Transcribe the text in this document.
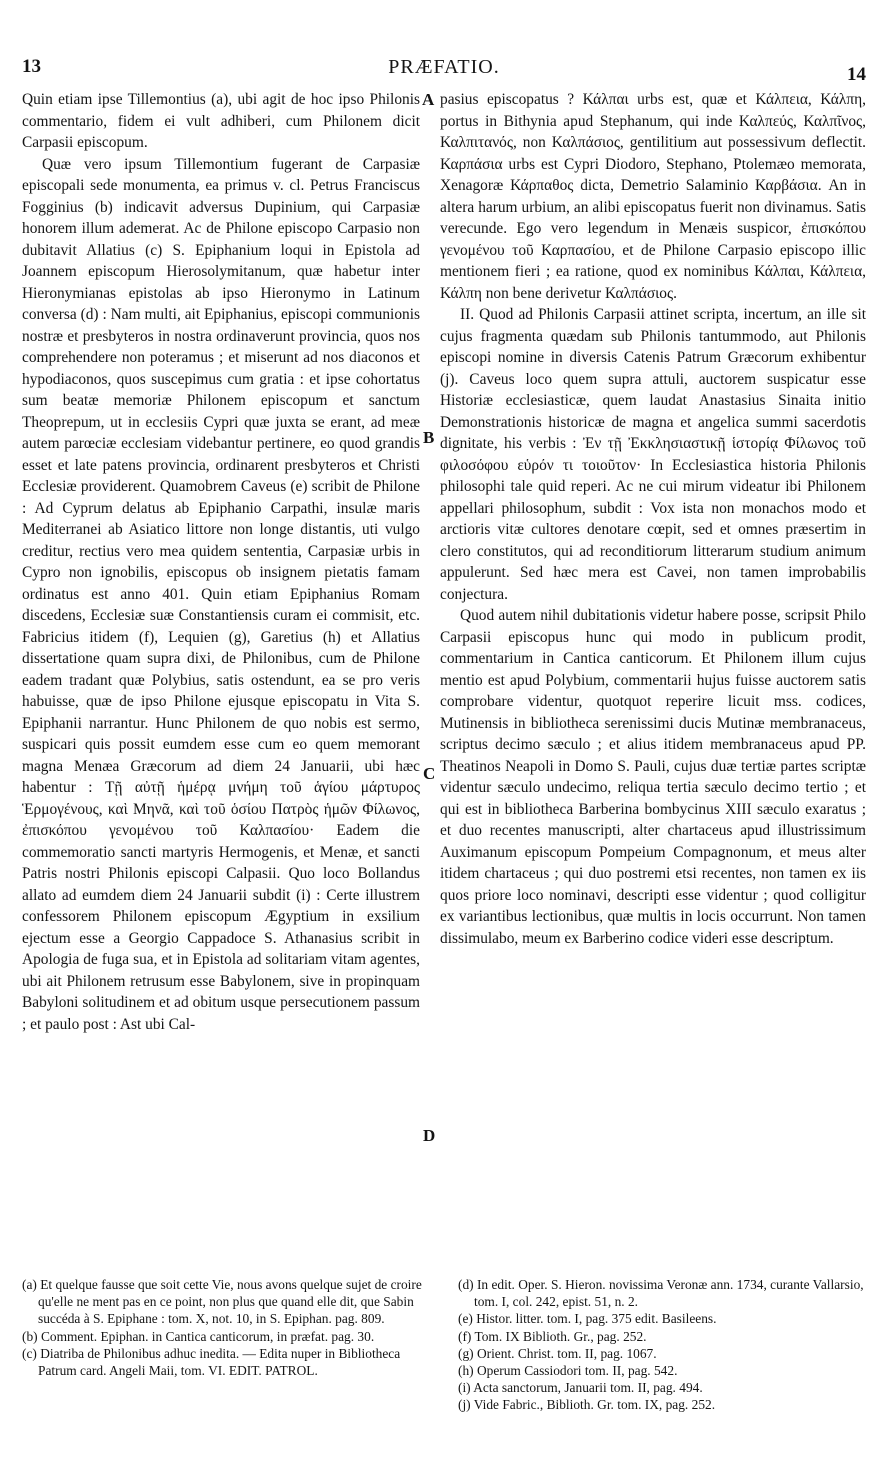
13	PRÆFATIO.	14

Quin etiam ipse Tillemontius (a), ubi agit de hoc ipso Philonis commentario, fidem ei vult adhiberi, cum Philonem dicit Carpasii episcopum.

Quæ vero ipsum Tillemontium fugerant de Carpasiæ episcopali sede monumenta, ea primus v. cl. Petrus Franciscus Fogginius (b) indicavit adversus Dupinium, qui Carpasiæ honorem illum ademerat. Ac de Philone episcopo Carpasio non dubitavit Allatius (c) S. Epiphanium loqui in Epistola ad Joannem episcopum Hierosolymitanum, quæ habetur inter Hieronymianas epistolas ab ipso Hieronymo in Latinum conversa (d) : Nam multi, ait Epiphanius, episcopi communionis nostræ et presbyteros in nostra ordinaverunt provincia, quos nos comprehendere non poteramus ; et miserunt ad nos diaconos et hypodiaconos, quos suscepimus cum gratia : et ipse cohortatus sum beatæ memoriæ Philonem episcopum et sanctum Theoprepum, ut in ecclesiis Cypri quæ juxta se erant, ad meæ autem parœciæ ecclesiam videbantur pertinere, eo quod grandis esset et late patens provincia, ordinarent presbyteros et Christi Ecclesiæ providerent. Quamobrem Caveus (e) scribit de Philone : Ad Cyprum delatus ab Epiphanio Carpathi, insulæ maris Mediterranei ab Asiatico littore non longe distantis, uti vulgo creditur, rectius vero mea quidem sententia, Carpasiæ urbis in Cypro non ignobilis, episcopus ob insignem pietatis famam ordinatus est anno 401. Quin etiam Epiphanius Romam discedens, Ecclesiæ suæ Constantiensis curam ei commisit, etc. Fabricius itidem (f), Lequien (g), Garetius (h) et Allatius dissertatione quam supra dixi, de Philonibus, cum de Philone eadem tradant quæ Polybius, satis ostendunt, ea se pro veris habuisse, quæ de ipso Philone ejusque episcopatu in Vita S. Epiphanii narrantur. Hunc Philonem de quo nobis est sermo, suspicari quis possit eumdem esse cum eo quem memorant magna Menæa Græcorum ad diem 24 Januarii, ubi hæc habentur : Τῇ αὐτῇ ἡμέρᾳ μνήμη τοῦ ἁγίου μάρτυρος Ἑρμογένους, καὶ Μηνᾶ, καὶ τοῦ ὁσίου Πατρὸς ἡμῶν Φίλωνος, ἐπισκόπου γενομένου τοῦ Καλπασίου· Eadem die commemoratio sancti martyris Hermogenis, et Menæ, et sancti Patris nostri Philonis episcopi Calpasii. Quo loco Bollandus allato ad eumdem diem 24 Januarii subdit (i) : Certe illustrem confessorem Philonem episcopum Ægyptium in exsilium ejectum esse a Georgio Cappadoce S. Athanasius scribit in Apologia de fuga sua, et in Epistola ad solitariam vitam agentes, ubi ait Philonem retrusum esse Babylonem, sive in propinquam Babyloni solitudinem et ad obitum usque persecutionem passum ; et paulo post : Ast ubi Cal-

A
B
C
D

pasius episcopatus ? Κάλπαι urbs est, quæ et Κάλπεια, Κάλπη, portus in Bithynia apud Stephanum, qui inde Καλπεύς, Καλπῖνος, Καλπιτανός, non Καλπάσιος, gentilitium aut possessivum deflectit. Καρπάσια urbs est Cypri Diodoro, Stephano, Ptolemæo memorata, Xenagoræ Κάρπαθος dicta, Demetrio Salaminio Καρβάσια. An in altera harum urbium, an alibi episcopatus fuerit non divinamus. Satis verecunde. Ego vero legendum in Menæis suspicor, ἐπισκόπου γενομένου τοῦ Καρπασίου, et de Philone Carpasio episcopo illic mentionem fieri ; ea ratione, quod ex nominibus Κάλπαι, Κάλπεια, Κάλπη non bene derivetur Καλπάσιος.

II. Quod ad Philonis Carpasii attinet scripta, incertum, an ille sit cujus fragmenta quædam sub Philonis tantummodo, aut Philonis episcopi nomine in diversis Catenis Patrum Græcorum exhibentur (j). Caveus loco quem supra attuli, auctorem suspicatur esse Historiæ ecclesiasticæ, quem laudat Anastasius Sinaita initio Demonstrationis historicæ de magna et angelica summi sacerdotis dignitate, his verbis : Ἐν τῇ Ἐκκλησιαστικῇ ἱστορίᾳ Φίλωνος τοῦ φιλοσόφου εὑρόν τι τοιοῦτον· In Ecclesiastica historia Philonis philosophi tale quid reperi. Ac ne cui mirum videatur ibi Philonem appellari philosophum, subdit : Vox ista non monachos modo et arctioris vitæ cultores denotare cœpit, sed et omnes præsertim in clero constitutos, qui ad reconditiorum litterarum studium animum appulerunt. Sed hæc mera est Cavei, non tamen improbabilis conjectura.

Quod autem nihil dubitationis videtur habere posse, scripsit Philo Carpasii episcopus hunc qui modo in publicum prodit, commentarium in Cantica canticorum. Et Philonem illum cujus mentio est apud Polybium, commentarii hujus fuisse auctorem satis comprobare videntur, quotquot reperire licuit mss. codices, Mutinensis in bibliotheca serenissimi ducis Mutinæ membranaceus, scriptus decimo sæculo ; et alius itidem membranaceus apud PP. Theatinos Neapoli in Domo S. Pauli, cujus duæ tertiæ partes scriptæ videntur sæculo undecimo, reliqua tertia sæculo decimo tertio ; et qui est in bibliotheca Barberina bombycinus XIII sæculo exaratus ; et duo recentes manuscripti, alter chartaceus apud illustrissimum Auximanum episcopum Pompeium Compagnonum, et meus alter itidem chartaceus ; qui duo postremi etsi recentes, non tamen ex iis quos priore loco nominavi, descripti esse videntur ; quod colligitur ex variantibus lectionibus, quæ multis in locis occurrunt. Non tamen dissimulabo, meum ex Barberino codice videri esse descriptum.

(a) Et quelque fausse que soit cette Vie, nous avons quelque sujet de croire qu'elle ne ment pas en ce point, non plus que quand elle dit, que Sabin succéda à S. Epiphane : tom. X, not. 10, in S. Epiphan. pag. 809.

(b) Comment. Epiphan. in Cantica canticorum, in præfat. pag. 30.

(c) Diatriba de Philonibus adhuc inedita. — Edita nuper in Bibliotheca Patrum card. Angeli Maii, tom. VI. EDIT. PATROL.

(d) In edit. Oper. S. Hieron. novissima Veronæ ann. 1734, curante Vallarsio, tom. I, col. 242, epist. 51, n. 2.

(e) Histor. litter. tom. I, pag. 375 edit. Basileens.

(f) Tom. IX Biblioth. Gr., pag. 252.

(g) Orient. Christ. tom. II, pag. 1067.

(h) Operum Cassiodori tom. II, pag. 542.

(i) Acta sanctorum, Januarii tom. II, pag. 494.

(j) Vide Fabric., Biblioth. Gr. tom. IX, pag. 252.
